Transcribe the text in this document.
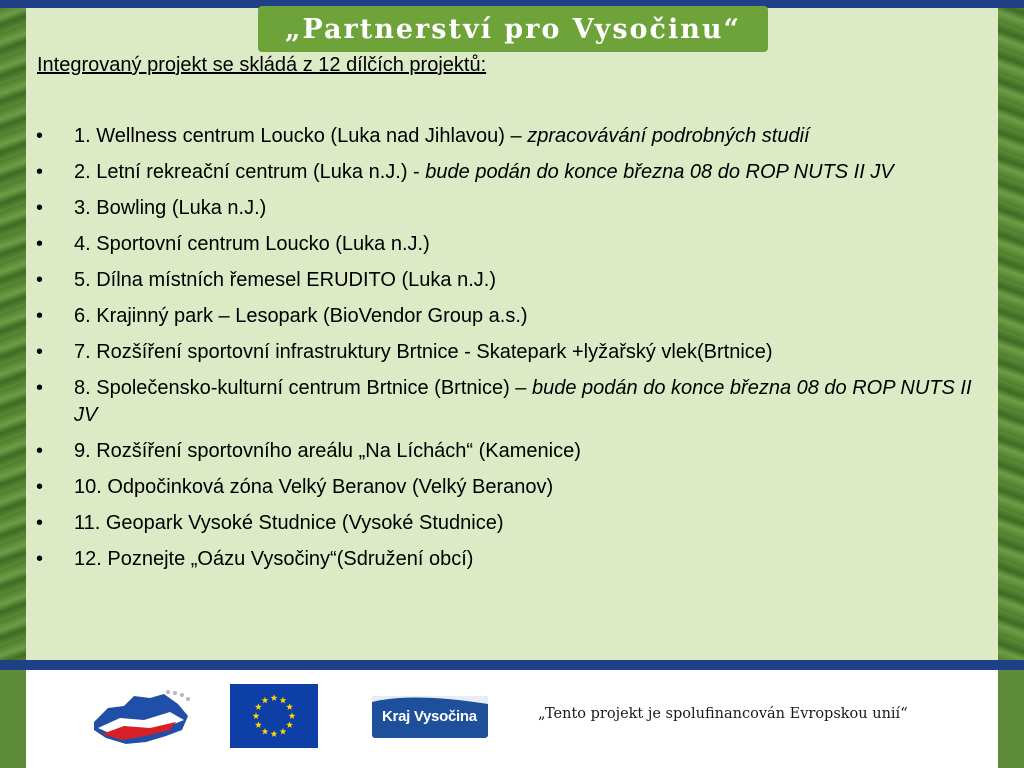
„Partnerství pro Vysočinu“
Integrovaný projekt se skládá z 12 dílčích projektů:
• 1. Wellness centrum Loucko (Luka nad Jihlavou) – zpracovávání podrobných studií
• 2. Letní rekreační centrum (Luka n.J.) - bude podán do konce března 08 do ROP NUTS II JV
• 3. Bowling (Luka n.J.)
• 4. Sportovní centrum Loucko (Luka n.J.)
• 5. Dílna místních řemesel ERUDITO (Luka n.J.)
• 6. Krajinný park – Lesopark (BioVendor Group a.s.)
• 7. Rozšíření sportovní infrastruktury Brtnice - Skatepark +lyžařský vlek(Brtnice)
• 8. Společensko-kulturní centrum Brtnice (Brtnice) – bude podán do konce března 08 do ROP NUTS II JV
• 9. Rozšíření sportovního areálu „Na Líchách“ (Kamenice)
• 10. Odpočinková zóna Velký Beranov (Velký Beranov)
• 11. Geopark Vysoké Studnice (Vysoké Studnice)
• 12. Poznejte „Oázu Vysočiny“(Sdružení obcí)
Kraj Vysočina	„Tento projekt je spolufinancován Evropskou unií“
